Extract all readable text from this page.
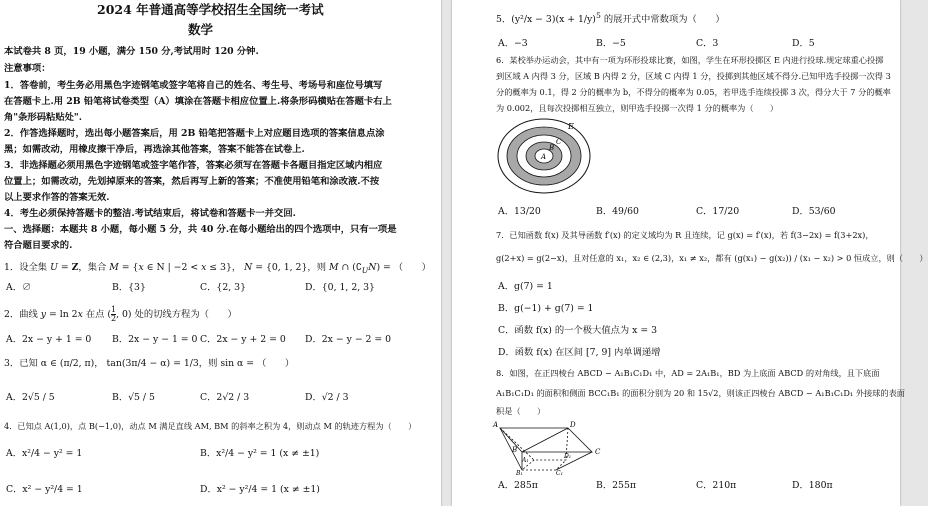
2024 年普通高等学校招生全国统一考试
数学
本试卷共 8 页，19 小题，满分 150 分,考试用时 120 分钟.
注意事项：
1．答卷前，考生务必用黑色字迹钢笔或签字笔将自己的姓名、考生号、考场号和座位号填写
在答题卡上.用 2B 铅笔将试卷类型（A）填涂在答题卡相应位置上.将条形码横贴在答题卡右上
角"条形码粘贴处".
2．作答选择题时，选出每小题答案后，用 2B 铅笔把答题卡上对应题目选项的答案信息点涂
黑；如需改动，用橡皮擦干净后，再选涂其他答案，答案不能答在试卷上.
3．非选择题必须用黑色字迹钢笔或签字笔作答，答案必须写在答题卡各题目指定区域内相应
位置上；如需改动，先划掉原来的答案，然后再写上新的答案；不准使用铅笔和涂改液.不按
以上要求作答的答案无效.
4．考生必须保持答题卡的整洁.考试结束后，将试卷和答题卡一并交回.
一、选择题：本题共 8 小题，每小题 5 分，共 40 分.在每小题给出的四个选项中，只有一项是
符合题目要求的.
1．设全集 U = Z，集合 M = {x ∈ N | −2 < x ≤ 3}， N = {0, 1, 2}，则 M ∩ $(∁_UN)$ = （　　）
A．∅	B．{3}	C．{2, 3}	D．{0, 1, 2, 3}
2．曲线 y = ln 2x 在点 ( $\frac{1}{2}$ , 0) 处的切线方程为（　　）
A．2x − y + 1 = 0 B．2x − y − 1 = 0 C．2x − y + 2 = 0 D．2x − y − 2 = 0
3．已知 α ∈ (π/2, π)， tan(3π/4 − α) = 1/3，则 sin α = （　　）
A．2√5 / 5	B．√5 / 5	C．2√2 / 3	D．√2 / 3
4．已知点 A(1,0)，点 B(−1,0)，动点 M 满足直线 AM, BM 的斜率之积为 4，则动点 M 的轨迹方程为（　　）
A．x²/4 − y² = 1	B．x²/4 − y² = 1 (x ≠ ±1)
C．x² − y²/4 = 1	D．x² − y²/4 = 1 (x ≠ ±1)
5．$(y^2/x - 3)(x + 1/y)^5$ 的展开式中常数项为（　　）
A．−3	B．−5	C．3	D．5
6．某校举办运动会，其中有一项为环形投球比赛，如图，学生在环形投掷区 E 内进行投球.规定球重心投掷
到区域 A 内得 3 分，区域 B 内得 2 分，区域 C 内得 1 分，投掷到其他区域不得分.已知甲选手投掷一次得 3
分的概率为 0.1，得 2 分的概率为 b，不得分的概率为 0.05，若甲选手连续投掷 3 次，得分大于 7 分的概率
为 0.002，且每次投掷相互独立，则甲选手投掷一次得 1 分的概率为（　　）
E
C
B
A
A．13/20	B．49/60	C．17/20	D．53/60
7．已知函数 f(x) 及其导函数 f′(x) 的定义域均为 R 且连续，记 g(x) = f′(x)，若 f(3−2x) = f(3+2x)，
g(2+x) = g(2−x)，且对任意的 x₁，x₂ ∈ (2,3)，x₁ ≠ x₂，都有 (g(x₁) − g(x₂)) / (x₁ − x₂) > 0 恒成立，则（　　）
A．g(7) = 1
B．g(−1) + g(7) = 1
C．函数 f(x) 的一个极大值点为 x = 3
D．函数 f(x) 在区间 [7, 9] 内单调递增
8．如图，在正四棱台 ABCD − A₁B₁C₁D₁ 中，AD = 2A₁B₁，BD 为上底面 ABCD 的对角线，且下底面
A₁B₁C₁D₁ 的面积和侧面 BCC₁B₁ 的面积分别为 20 和 15√2，则该正四棱台 ABCD − A₁B₁C₁D₁ 外接球的表面
积是（　　）
A	D
B	C
A₁
D₁
B₁	C₁
A．285π	B．255π	C．210π	D．180π
